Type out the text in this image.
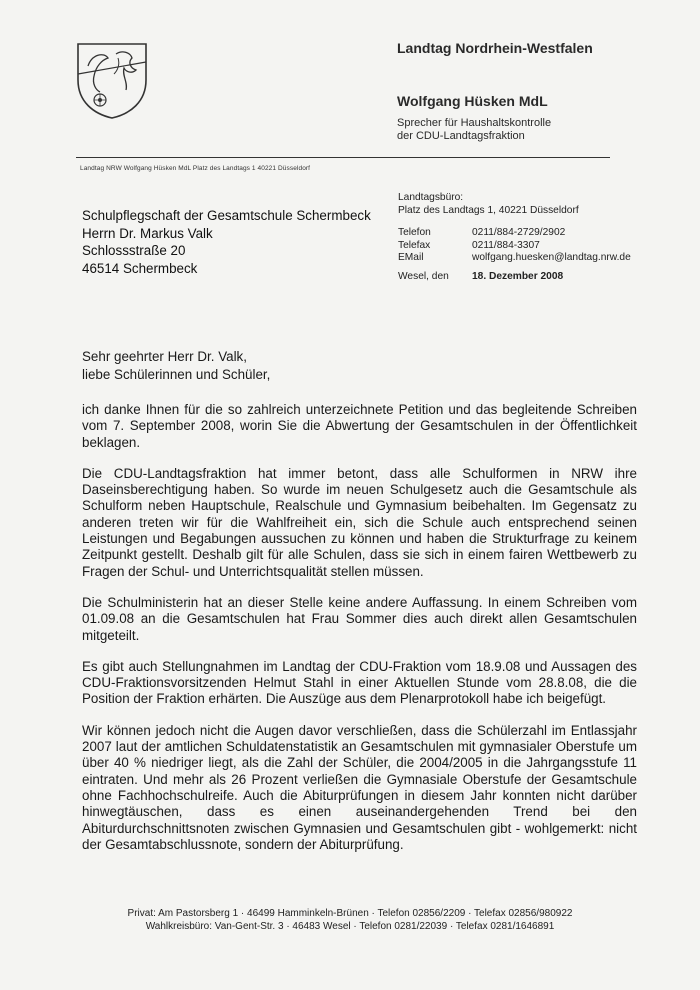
Landtag Nordrhein-Westfalen
Wolfgang Hüsken MdL
Sprecher für Haushaltskontrolle
der CDU-Landtagsfraktion
Landtag NRW Wolfgang Hüsken MdL Platz des Landtags 1 40221 Düsseldorf
Schulpflegschaft der Gesamtschule Schermbeck
Herrn Dr. Markus Valk
Schlossstraße 20
46514 Schermbeck
Landtagsbüro:
Platz des Landtags 1, 40221 Düsseldorf
Telefon	0211/884-2729/2902
Telefax	0211/884-3307
EMail	wolfgang.huesken@landtag.nrw.de
Wesel, den	18. Dezember 2008
Sehr geehrter Herr Dr. Valk,
liebe Schülerinnen und Schüler,

ich danke Ihnen für die so zahlreich unterzeichnete Petition und das begleitende Schreiben vom 7. September 2008, worin Sie die Abwertung der Gesamtschulen in der Öffentlichkeit beklagen.

Die CDU-Landtagsfraktion hat immer betont, dass alle Schulformen in NRW ihre Daseinsberechtigung haben. So wurde im neuen Schulgesetz auch die Gesamtschule als Schulform neben Hauptschule, Realschule und Gymnasium beibehalten. Im Gegensatz zu anderen treten wir für die Wahlfreiheit ein, sich die Schule auch entsprechend seinen Leistungen und Begabungen aussuchen zu können und haben die Strukturfrage zu keinem Zeitpunkt gestellt. Deshalb gilt für alle Schulen, dass sie sich in einem fairen Wettbewerb zu Fragen der Schul- und Unterrichtsqualität stellen müssen.

Die Schulministerin hat an dieser Stelle keine andere Auffassung. In einem Schreiben vom 01.09.08 an die Gesamtschulen hat Frau Sommer dies auch direkt allen Gesamtschulen mitgeteilt.

Es gibt auch Stellungnahmen im Landtag der CDU-Fraktion vom 18.9.08 und Aussagen des CDU-Fraktionsvorsitzenden Helmut Stahl in einer Aktuellen Stunde vom 28.8.08, die die Position der Fraktion erhärten. Die Auszüge aus dem Plenarprotokoll habe ich beigefügt.

Wir können jedoch nicht die Augen davor verschließen, dass die Schülerzahl im Entlassjahr 2007 laut der amtlichen Schuldatenstatistik an Gesamtschulen mit gymnasialer Oberstufe um über 40 % niedriger liegt, als die Zahl der Schüler, die 2004/2005 in die Jahrgangsstufe 11 eintraten. Und mehr als 26 Prozent verließen die Gymnasiale Oberstufe der Gesamtschule ohne Fachhochschulreife. Auch die Abiturprüfungen in diesem Jahr konnten nicht darüber hinwegtäuschen, dass es einen auseinandergehenden Trend bei den Abiturdurchschnittsnoten zwischen Gymnasien und Gesamtschulen gibt - wohlgemerkt: nicht der Gesamtabschlussnote, sondern der Abiturprüfung.

Privat: Am Pastorsberg 1 · 46499 Hamminkeln-Brünen · Telefon 02856/2209 · Telefax 02856/980922
Wahlkreisbüro: Van-Gent-Str. 3 · 46483 Wesel · Telefon 0281/22039 · Telefax 0281/1646891
